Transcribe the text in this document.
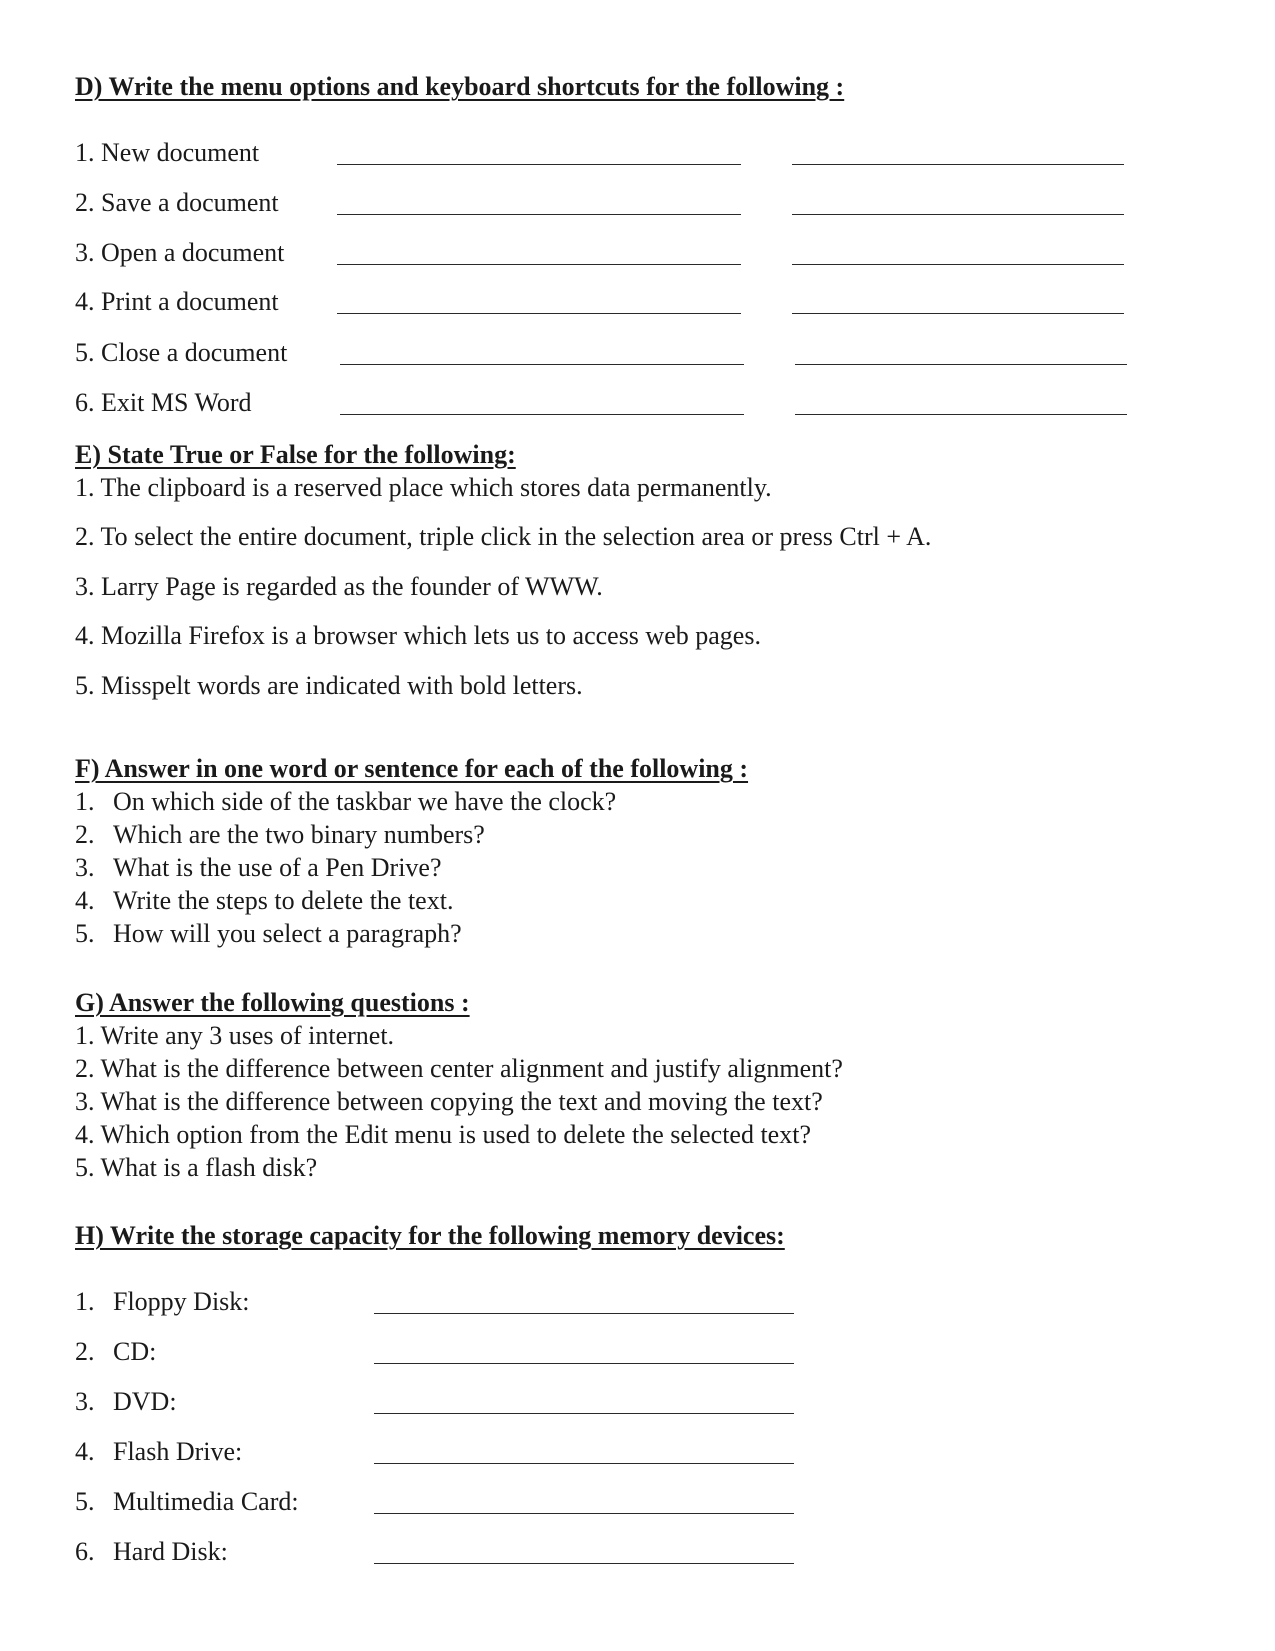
D) Write the menu options and keyboard shortcuts for the following :
1. New document
2. Save a document
3. Open a document
4. Print a document
5. Close a document
6. Exit MS Word
E) State True or False for the following:
1. The clipboard is a reserved place which stores data permanently.
2. To select the entire document, triple click in the selection area or press Ctrl + A.
3. Larry Page is regarded as the founder of WWW.
4. Mozilla Firefox is a browser which lets us to access web pages.
5. Misspelt words are indicated with bold letters.
F) Answer in one word or sentence for each of the following :
1. On which side of the taskbar we have the clock?
2. Which are the two binary numbers?
3. What is the use of a Pen Drive?
4. Write the steps to delete the text.
5. How will you select a paragraph?
G) Answer the following questions :
1. Write any 3 uses of internet.
2. What is the difference between center alignment and justify alignment?
3. What is the difference between copying the text and moving the text?
4. Which option from the Edit menu is used to delete the selected text?
5. What is a flash disk?
H) Write the storage capacity for the following memory devices:
1. Floppy Disk:
2. CD:
3. DVD:
4. Flash Drive:
5. Multimedia Card:
6. Hard Disk:
